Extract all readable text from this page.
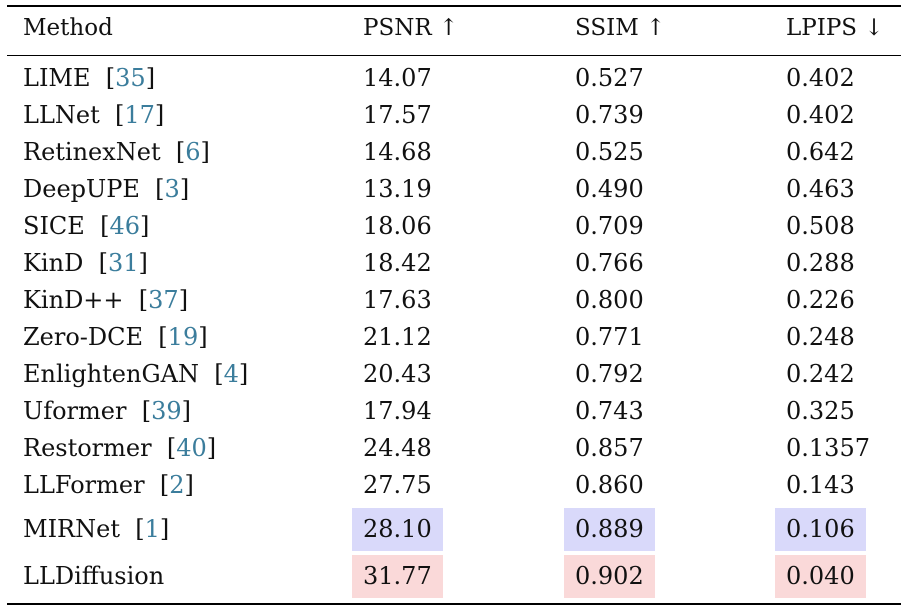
Method	PSNR ↑	SSIM ↑	LPIPS ↓
LIME  [35]	14.07	0.527	0.402
LLNet  [17]	17.57	0.739	0.402
RetinexNet  [6]	14.68	0.525	0.642
DeepUPE  [3]	13.19	0.490	0.463
SICE  [46]	18.06	0.709	0.508
KinD  [31]	18.42	0.766	0.288
KinD++  [37]	17.63	0.800	0.226
Zero-DCE  [19]	21.12	0.771	0.248
EnlightenGAN  [4]	20.43	0.792	0.242
Uformer  [39]	17.94	0.743	0.325
Restormer  [40]	24.48	0.857	0.1357
LLFormer  [2]	27.75	0.860	0.143
MIRNet  [1]	28.10	0.889	0.106
LLDiffusion	31.77	0.902	0.040
